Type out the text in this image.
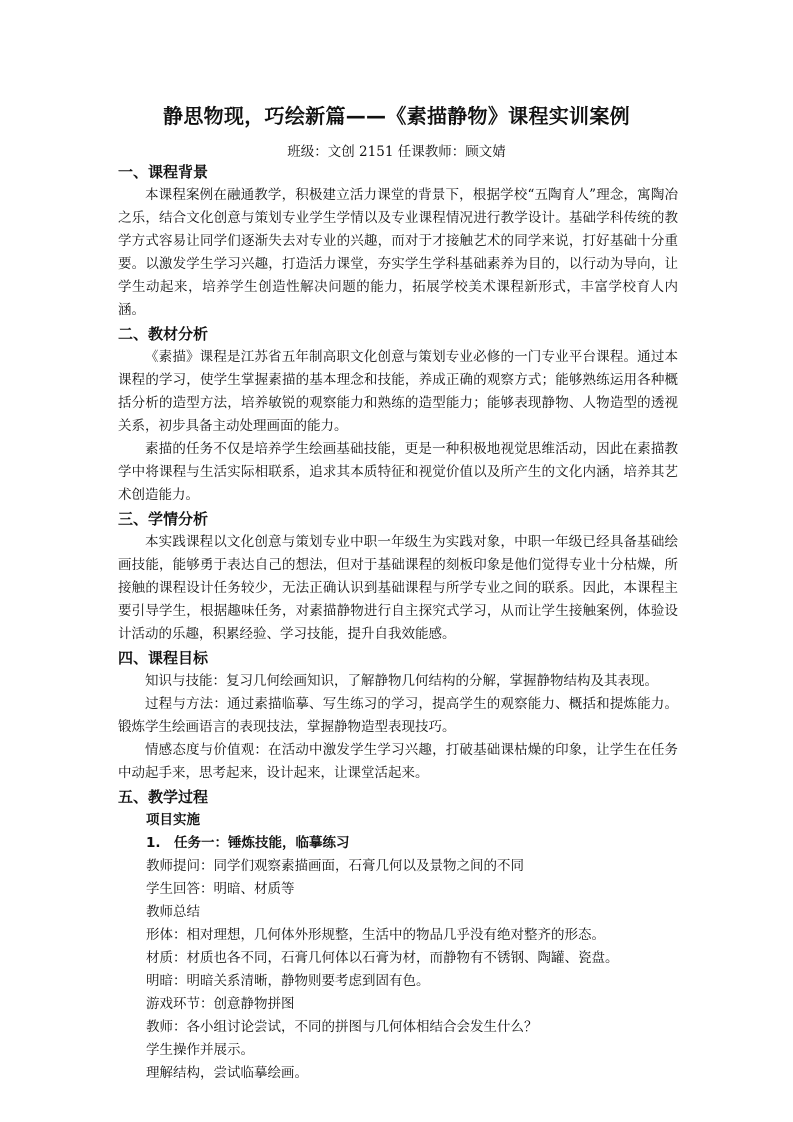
静思物现，巧绘新篇——《素描静物》课程实训案例
班级：文创 2151 任课教师：顾文婧
一、课程背景

本课程案例在融通教学，积极建立活力课堂的背景下，根据学校“五陶育人”理念，寓陶冶之乐，结合文化创意与策划专业学生学情以及专业课程情况进行教学设计。基础学科传统的教学方式容易让同学们逐渐失去对专业的兴趣，而对于才接触艺术的同学来说，打好基础十分重要。以激发学生学习兴趣，打造活力课堂，夯实学生学科基础素养为目的，以行动为导向，让学生动起来，培养学生创造性解决问题的能力，拓展学校美术课程新形式，丰富学校育人内涵。

二、教材分析

《素描》课程是江苏省五年制高职文化创意与策划专业必修的一门专业平台课程。通过本课程的学习，使学生掌握素描的基本理念和技能，养成正确的观察方式；能够熟练运用各种概括分析的造型方法，培养敏锐的观察能力和熟练的造型能力；能够表现静物、人物造型的透视关系，初步具备主动处理画面的能力。

素描的任务不仅是培养学生绘画基础技能，更是一种积极地视觉思维活动，因此在素描教学中将课程与生活实际相联系，追求其本质特征和视觉价值以及所产生的文化内涵，培养其艺术创造能力。

三、学情分析

本实践课程以文化创意与策划专业中职一年级生为实践对象，中职一年级已经具备基础绘画技能，能够勇于表达自己的想法，但对于基础课程的刻板印象是他们觉得专业十分枯燥，所接触的课程设计任务较少，无法正确认识到基础课程与所学专业之间的联系。因此，本课程主要引导学生，根据趣味任务，对素描静物进行自主探究式学习，从而让学生接触案例，体验设计活动的乐趣，积累经验、学习技能，提升自我效能感。

四、课程目标

知识与技能：复习几何绘画知识，了解静物几何结构的分解，掌握静物结构及其表现。

过程与方法：通过素描临摹、写生练习的学习，提高学生的观察能力、概括和提炼能力。锻炼学生绘画语言的表现技法，掌握静物造型表现技巧。

情感态度与价值观：在活动中激发学生学习兴趣，打破基础课枯燥的印象，让学生在任务中动起手来，思考起来，设计起来，让课堂活起来。

五、教学过程
项目实施
1. 任务一：锤炼技能，临摹练习
教师提问：同学们观察素描画面，石膏几何以及景物之间的不同
学生回答：明暗、材质等
教师总结
形体：相对理想，几何体外形规整，生活中的物品几乎没有绝对整齐的形态。
材质：材质也各不同，石膏几何体以石膏为材，而静物有不锈钢、陶罐、瓷盘。
明暗：明暗关系清晰，静物则要考虑到固有色。
游戏环节：创意静物拼图
教师：各小组讨论尝试，不同的拼图与几何体相结合会发生什么？
学生操作并展示。
理解结构，尝试临摹绘画。
